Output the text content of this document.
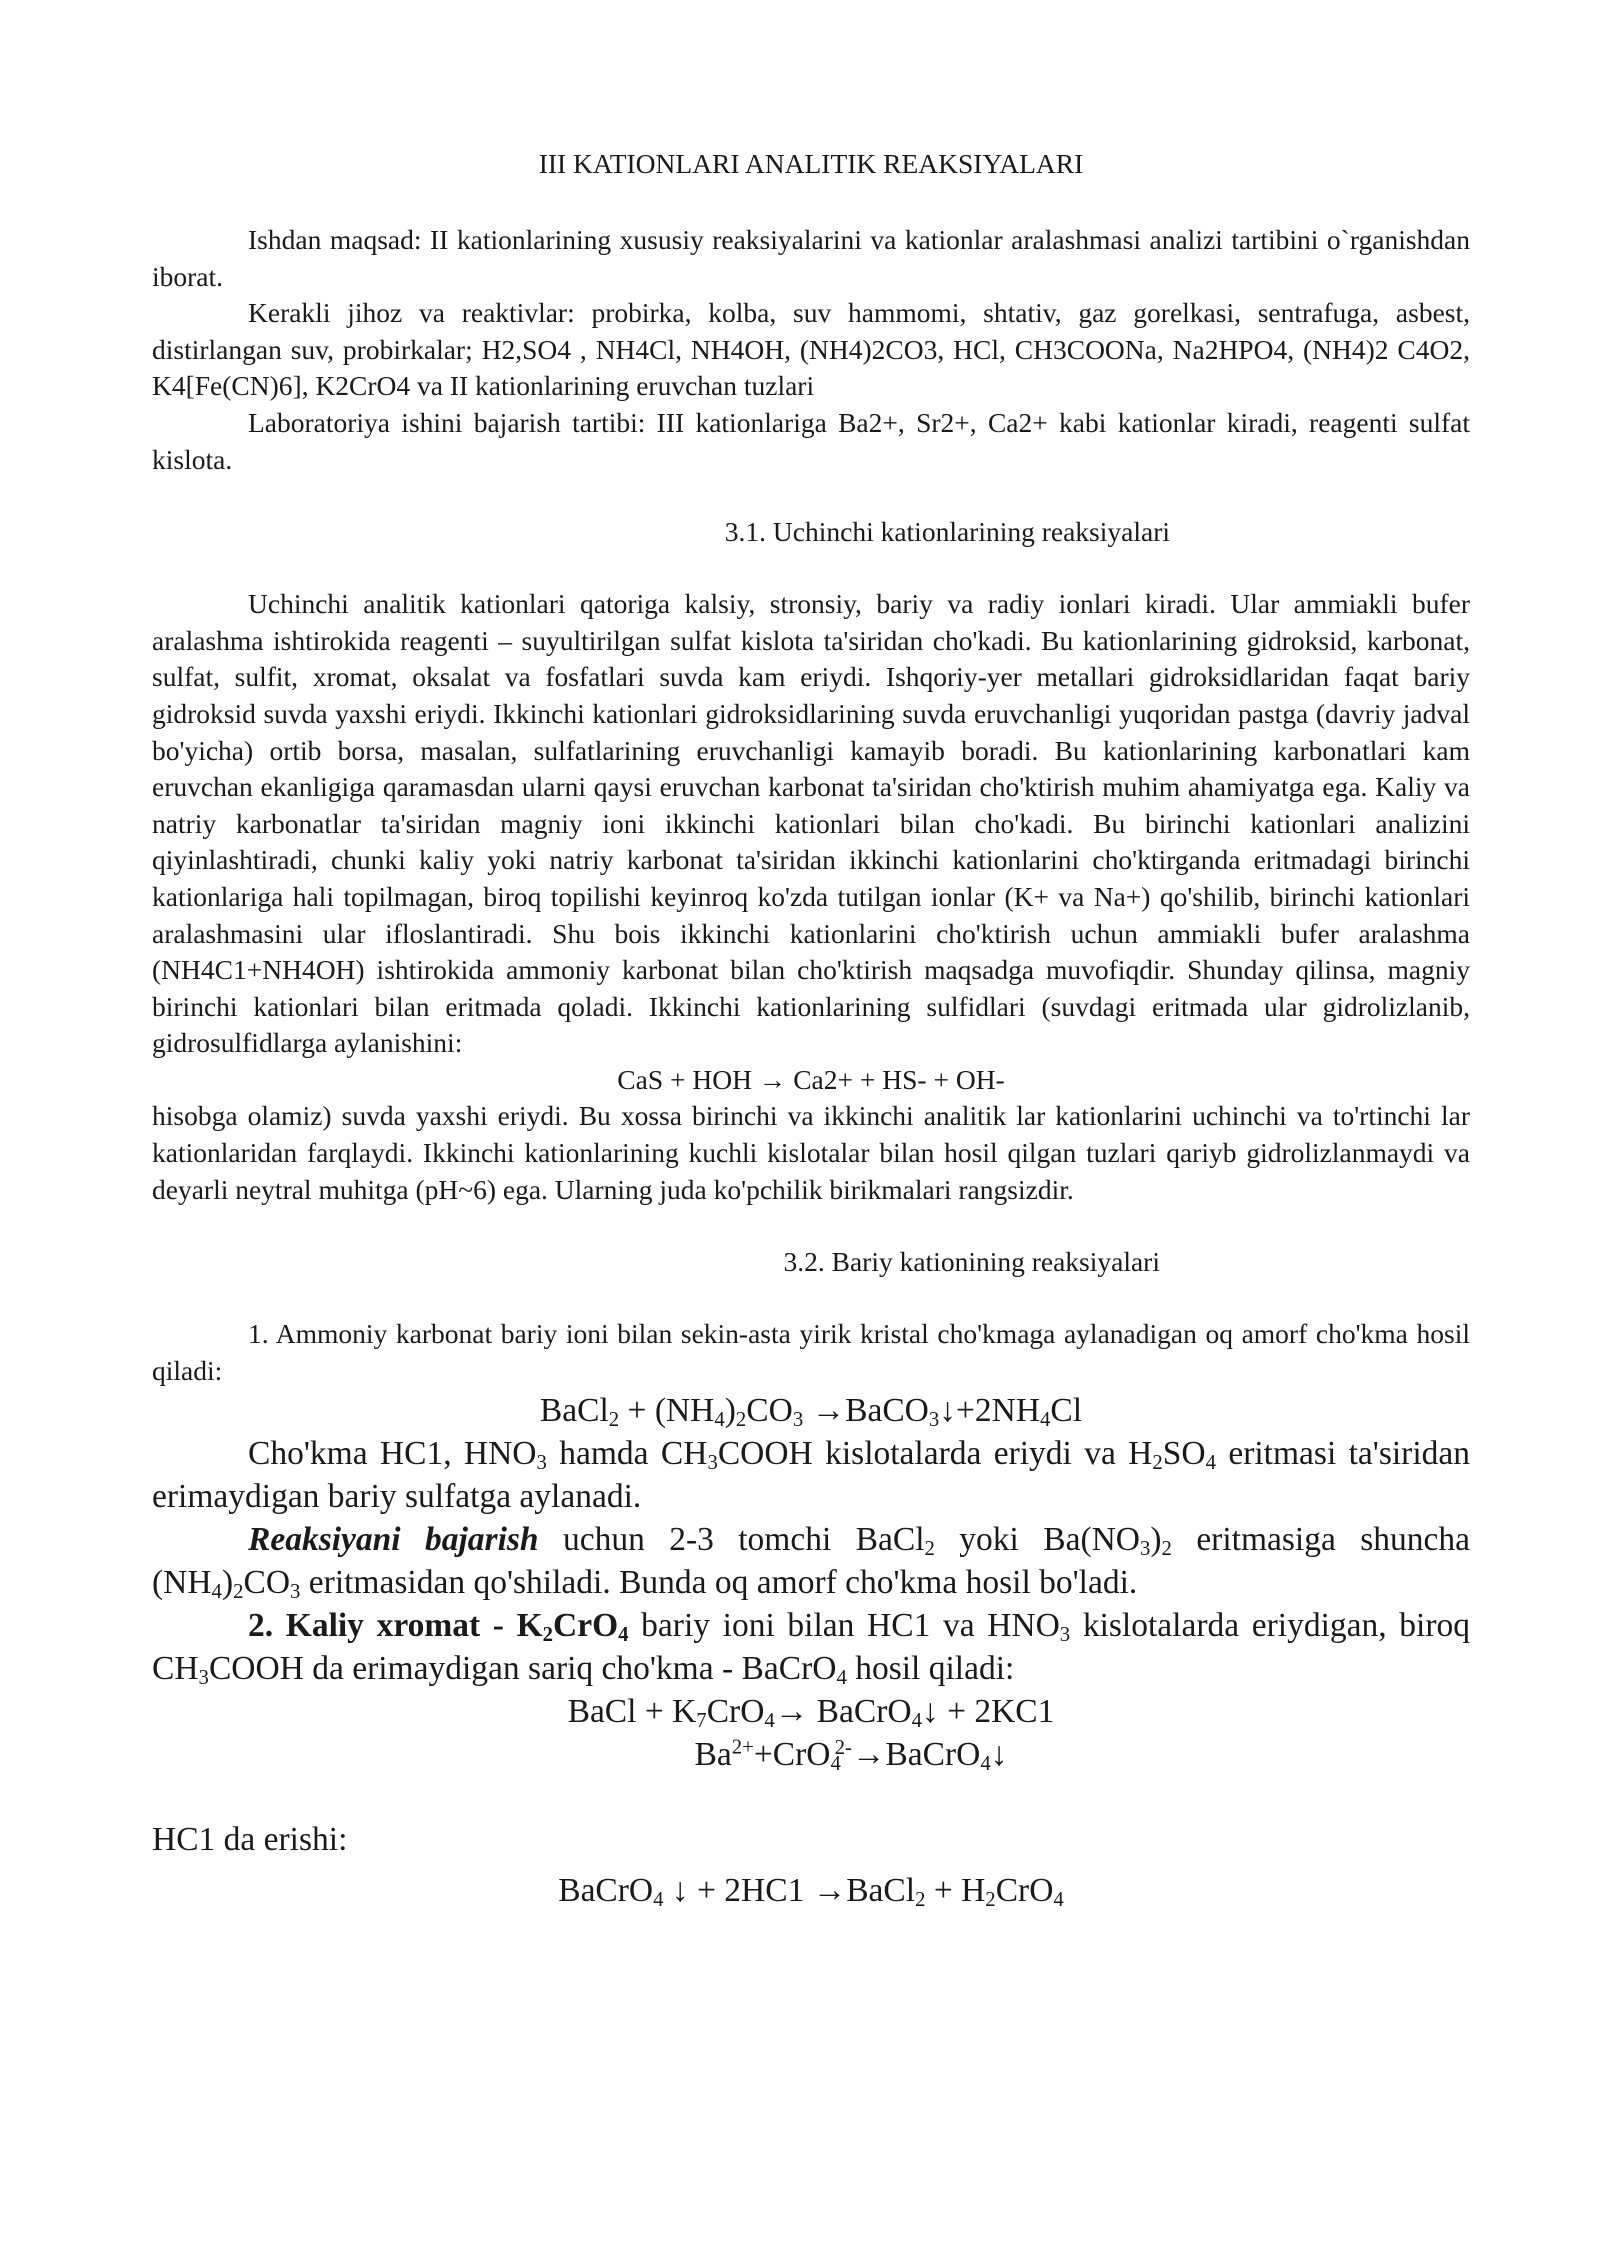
III KATIONLARI ANALITIK REAKSIYALARI

Ishdan maqsad: II kationlarining xususiy reaksiyalarini va kationlar aralashmasi analizi tartibini o`rganishdan iborat.

Kerakli jihoz va reaktivlar: probirka, kolba, suv hammomi, shtativ, gaz gorelkasi, sentrafuga, asbest, distirlangan suv, probirkalar; H2,SO4 , NH4Cl, NH4OH, (NH4)2CO3, HCl, CH3COONa, Na2HPO4, (NH4)2 C4O2, K4[Fe(CN)6], K2CrO4 va II kationlarining eruvchan tuzlari

Laboratoriya ishini bajarish tartibi: III kationlariga Ba2+, Sr2+, Ca2+ kabi kationlar kiradi, reagenti sulfat kislota.

3.1. Uchinchi kationlarining reaksiyalari

Uchinchi analitik kationlari qatoriga kalsiy, stronsiy, bariy va radiy ionlari kiradi. Ular ammiakli bufer aralashma ishtirokida reagenti – suyultirilgan sulfat kislota ta'siridan cho'kadi. Bu kationlarining gidroksid, karbonat, sulfat, sulfit, xromat, oksalat va fosfatlari suvda kam eriydi. Ishqoriy-yer metallari gidroksidlaridan faqat bariy gidroksid suvda yaxshi eriydi. Ikkinchi kationlari gidroksidlarining suvda eruvchanligi yuqoridan pastga (davriy jadval bo'yicha) ortib borsa, masalan, sulfatlarining eruvchanligi kamayib boradi. Bu kationlarining karbonatlari kam eruvchan ekanligiga qaramasdan ularni qaysi eruvchan karbonat ta'siridan cho'ktirish muhim ahamiyatga ega. Kaliy va natriy karbonatlar ta'siridan magniy ioni ikkinchi kationlari bilan cho'kadi. Bu birinchi kationlari analizini qiyinlashtiradi, chunki kaliy yoki natriy karbonat ta'siridan ikkinchi kationlarini cho'ktirganda eritmadagi birinchi kationlariga hali topilmagan, biroq topilishi keyinroq ko'zda tutilgan ionlar (K+ va Na+) qo'shilib, birinchi kationlari aralashmasini ular ifloslantiradi. Shu bois ikkinchi kationlarini cho'ktirish uchun ammiakli bufer aralashma (NH4C1+NH4OH) ishtirokida ammoniy karbonat bilan cho'ktirish maqsadga muvofiqdir. Shunday qilinsa, magniy birinchi kationlari bilan eritmada qoladi. Ikkinchi kationlarining sulfidlari (suvdagi eritmada ular gidrolizlanib, gidrosulfidlarga aylanishini:

CaS + HOH → Ca2+ + HS- + OH-

hisobga olamiz) suvda yaxshi eriydi. Bu xossa birinchi va ikkinchi analitik lar kationlarini uchinchi va to'rtinchi lar kationlaridan farqlaydi. Ikkinchi kationlarining kuchli kislotalar bilan hosil qilgan tuzlari qariyb gidrolizlanmaydi va deyarli neytral muhitga (pH~6) ega. Ularning juda ko'pchilik birikmalari rangsizdir.

3.2. Bariy kationining reaksiyalari

1. Ammoniy karbonat bariy ioni bilan sekin-asta yirik kristal cho'kmaga aylanadigan oq amorf cho'kma hosil qiladi:

BaCl$_2$ + $(NH_4)_2CO_3$ $\to BaCO_3↓+2NH_4Cl$

Cho'kma HC1, $HNO_3$ hamda $CH_3COOH$ kislotalarda eriydi va $H_2SO_4$ eritmasi ta'siridan erimaydigan bariy sulfatga aylanadi.

Reaksiyani bajarish uchun 2-3 tomchi BaCl$_2$ yoki $Ba(NO_3)_2$ eritmasiga shuncha $(NH_4)_2CO_3$ eritmasidan qo'shiladi. Bunda oq amorf cho'kma hosil bo'ladi.

2. Kaliy xromat - $K_2CrO_4$ bariy ioni bilan HC1 va $HNO_3$ kislotalarda eriydigan, biroq $CH_3COOH$ da erimaydigan sariq cho'kma - BaCrO$_4$ hosil qiladi:

BaCl + $K_7CrO_4\to$ BaCrO$_4$↓ + 2KC1

$Ba^{2+}+CrO_4^{2-}\to BaCrO_4↓$

HC1 da erishi:

BaCrO$_4$ ↓ + 2HC1 →BaCl$_2$ + $H_2CrO_4$
